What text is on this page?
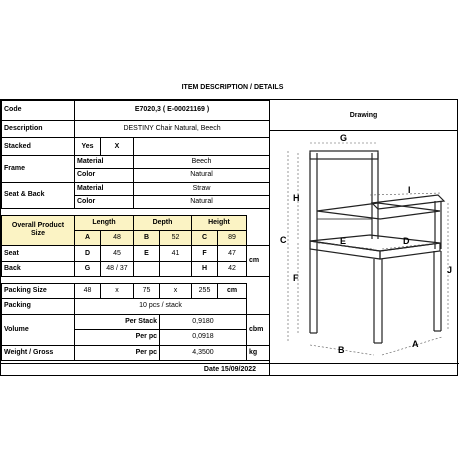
ITEM DESCRIPTION / DETAILS
Code	E7020,3 ( E-00021169 )						
Description	DESTINY Chair Natural, Beech						
Stacked	Yes	X					
Frame	Material		Beech				
	Color		Natural				
Seat & Back	Material		Straw				
	Color		Natural				

Overall Product Size	Length		Depth		Height		
	A	48	B	52	C	89	
Seat	D	45	E	41	F	47	cm
Back	G	48 / 37			H	42	

Packing Size	48	x	75	x	255	cm	
Packing	10 pcs / stack						
Volume	Per Stack			0,9180			cbm
	Per pc			0,0918			
Weight / Gross	Per pc			4,3500			kg

Drawing
G
H
C
I
E	D
J
F
B
A
Date 15/09/2022
